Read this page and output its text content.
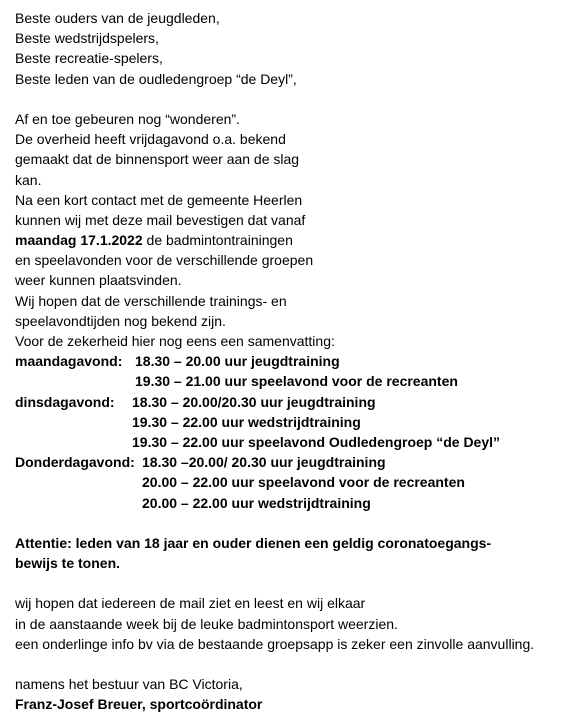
Beste ouders van de jeugdleden,
Beste wedstrijdspelers,
Beste recreatie-spelers,
Beste leden van de oudledengroep “de Deyl”,
Af en toe gebeuren nog “wonderen”.
De overheid heeft vrijdagavond o.a. bekend
gemaakt dat de binnensport weer aan de slag
kan.
Na een kort contact met de gemeente Heerlen
kunnen wij met deze mail bevestigen dat vanaf
maandag 17.1.2022 de badmintontrainingen
en speelavonden voor de verschillende groepen
weer kunnen plaatsvinden.
Wij hopen dat de verschillende trainings- en
speelavondtijden nog bekend zijn.
Voor de zekerheid hier nog eens een samenvatting:
maandagavond: 18.30 – 20.00 uur jeugdtraining
19.30 – 21.00 uur speelavond voor de recreanten
dinsdagavond: 18.30 – 20.00/20.30 uur jeugdtraining
19.30 – 22.00 uur wedstrijdtraining
19.30 – 22.00 uur speelavond Oudledengroep “de Deyl”
Donderdagavond: 18.30 –20.00/ 20.30 uur jeugdtraining
20.00 – 22.00 uur speelavond voor de recreanten
20.00 – 22.00 uur wedstrijdtraining
Attentie: leden van 18 jaar en ouder dienen een geldig coronatoegangs-
bewijs te tonen.
wij hopen dat iedereen de mail ziet en leest en wij elkaar
in de aanstaande week bij de leuke badmintonsport weerzien.
een onderlinge info bv via de bestaande groepsapp is zeker een zinvolle aanvulling.
namens het bestuur van BC Victoria,
Franz-Josef Breuer, sportcoördinator
